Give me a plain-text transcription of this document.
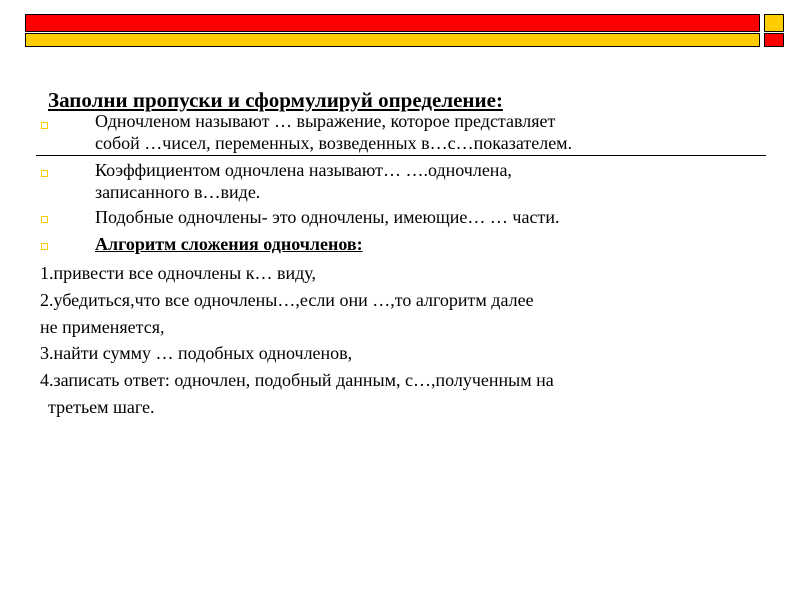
Заполни пропуски и сформулируй определение:
Одночленом называют … выражение, которое представляет
собой …чисел, переменных, возведенных в…с…показателем.
Коэффициентом одночлена называют… ….одночлена,
записанного в…виде.
Подобные одночлены- это одночлены, имеющие… … части.
Алгоритм сложения одночленов:
1.привести все одночлены к… виду,
2.убедиться,что все одночлены…,если они …,то алгоритм далее
не применяется,
3.найти сумму … подобных одночленов,
4.записать ответ: одночлен, подобный данным, с…,полученным на
третьем шаге.
